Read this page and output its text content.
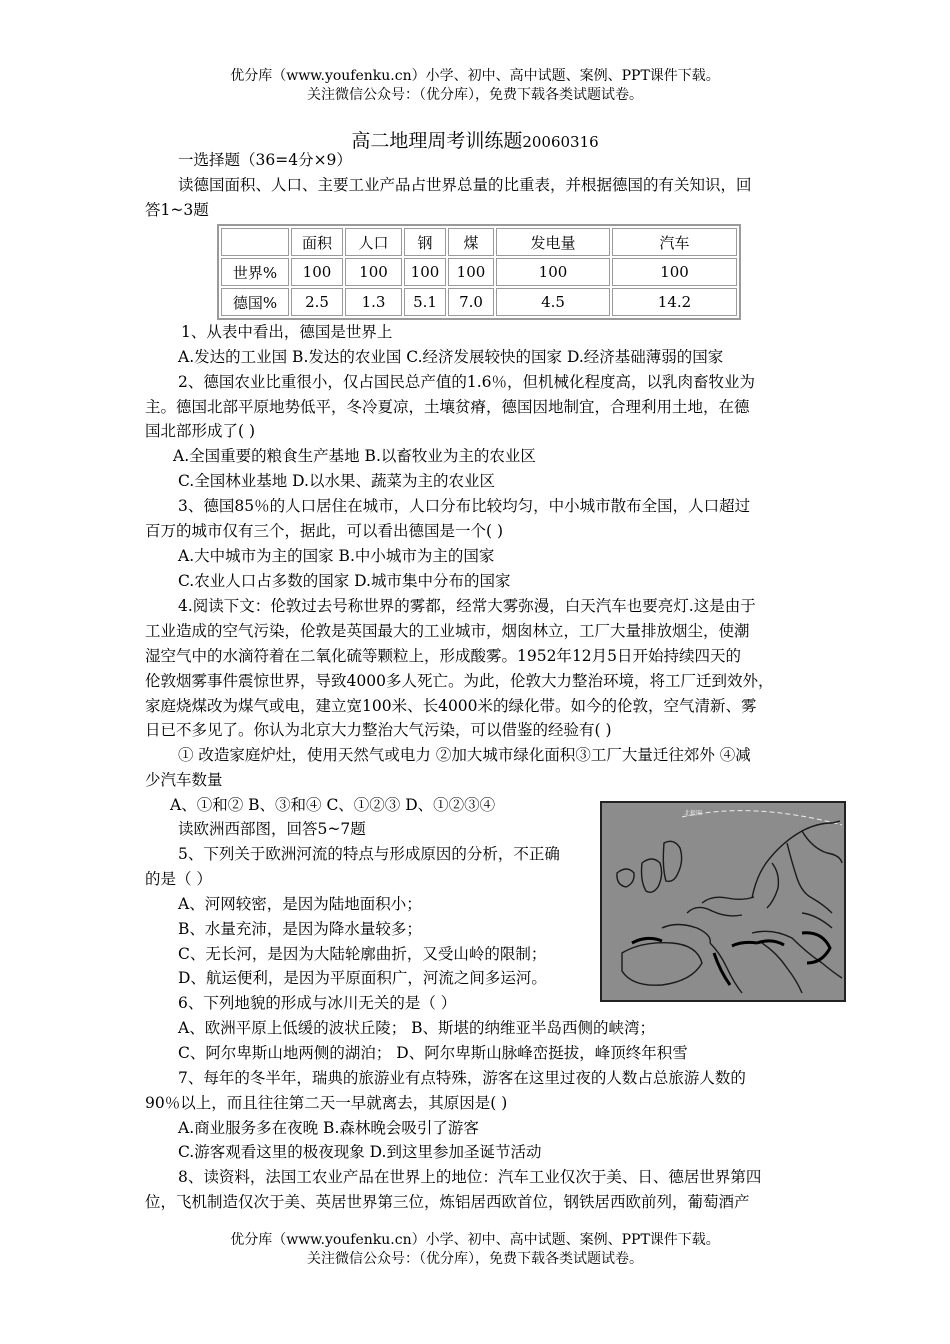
优分库（www.youfenku.cn）小学、初中、高中试题、案例、PPT课件下载。
关注微信公众号：（优分库），免费下载各类试题试卷。
高二地理周考训练题20060316
一选择题（36=4分×9）
读德国面积、人口、主要工业产品占世界总量的比重表，并根据德国的有关知识，回
答1~3题
	面积	人口	钢	煤	发电量	汽车
世界%	100	100	100	100	100	100
德国%	2.5	1.3	5.1	7.0	4.5	14.2
1、从表中看出，德国是世界上
A.发达的工业国 B.发达的农业国 C.经济发展较快的国家 D.经济基础薄弱的国家
2、德国农业比重很小，仅占国民总产值的1.6％，但机械化程度高，以乳肉畜牧业为
主。德国北部平原地势低平，冬冷夏凉，土壤贫瘠，德国因地制宜，合理利用土地，在德
国北部形成了( )
A.全国重要的粮食生产基地 B.以畜牧业为主的农业区
C.全国林业基地 D.以水果、蔬菜为主的农业区
3、德国85％的人口居住在城市，人口分布比较均匀，中小城市散布全国，人口超过
百万的城市仅有三个，据此，可以看出德国是一个( )
A.大中城市为主的国家 B.中小城市为主的国家
C.农业人口占多数的国家 D.城市集中分布的国家
4.阅读下文：伦敦过去号称世界的雾都，经常大雾弥漫，白天汽车也要亮灯.这是由于
工业造成的空气污染，伦敦是英国最大的工业城市，烟囱林立，工厂大量排放烟尘，使潮
湿空气中的水滴符着在二氧化硫等颗粒上，形成酸雾。1952年12月5日开始持续四天的
伦敦烟雾事件震惊世界，导致4000多人死亡。为此，伦敦大力整治环境，将工厂迁到效外，
家庭烧煤改为煤气或电，建立宽100米、长4000米的绿化带。如今的伦敦，空气清新、雾
日已不多见了。你认为北京大力整治大气污染，可以借鉴的经验有( )
① 改造家庭炉灶，使用天然气或电力 ②加大城市绿化面积③工厂大量迁往郊外 ④减
少汽车数量
A、①和② B、③和④ C、①②③ D、①②③④
读欧洲西部图，回答5~7题
5、下列关于欧洲河流的特点与形成原因的分析，不正确
的是（ ）
A、河网较密，是因为陆地面积小；
B、水量充沛，是因为降水量较多；
C、无长河，是因为大陆轮廓曲折，又受山岭的限制；
D、航运便利，是因为平原面积广，河流之间多运河。
6、下列地貌的形成与冰川无关的是（ ）
A、欧洲平原上低缓的波状丘陵； B、斯堪的纳维亚半岛西侧的峡湾；
C、阿尔卑斯山地两侧的湖泊； D、阿尔卑斯山脉峰峦挺拔，峰顶终年积雪
7、每年的冬半年，瑞典的旅游业有点特殊，游客在这里过夜的人数占总旅游人数的
90％以上，而且往往第二天一早就离去，其原因是( )
A.商业服务多在夜晚 B.森林晚会吸引了游客
C.游客观看这里的极夜现象 D.到这里参加圣诞节活动
8、读资料，法国工农业产品在世界上的地位：汽车工业仅次于美、日、德居世界第四
位，飞机制造仅次于美、英居世界第三位，炼铝居西欧首位，钢铁居西欧前列，葡萄酒产
北极圈
优分库（www.youfenku.cn）小学、初中、高中试题、案例、PPT课件下载。
关注微信公众号：（优分库），免费下载各类试题试卷。
